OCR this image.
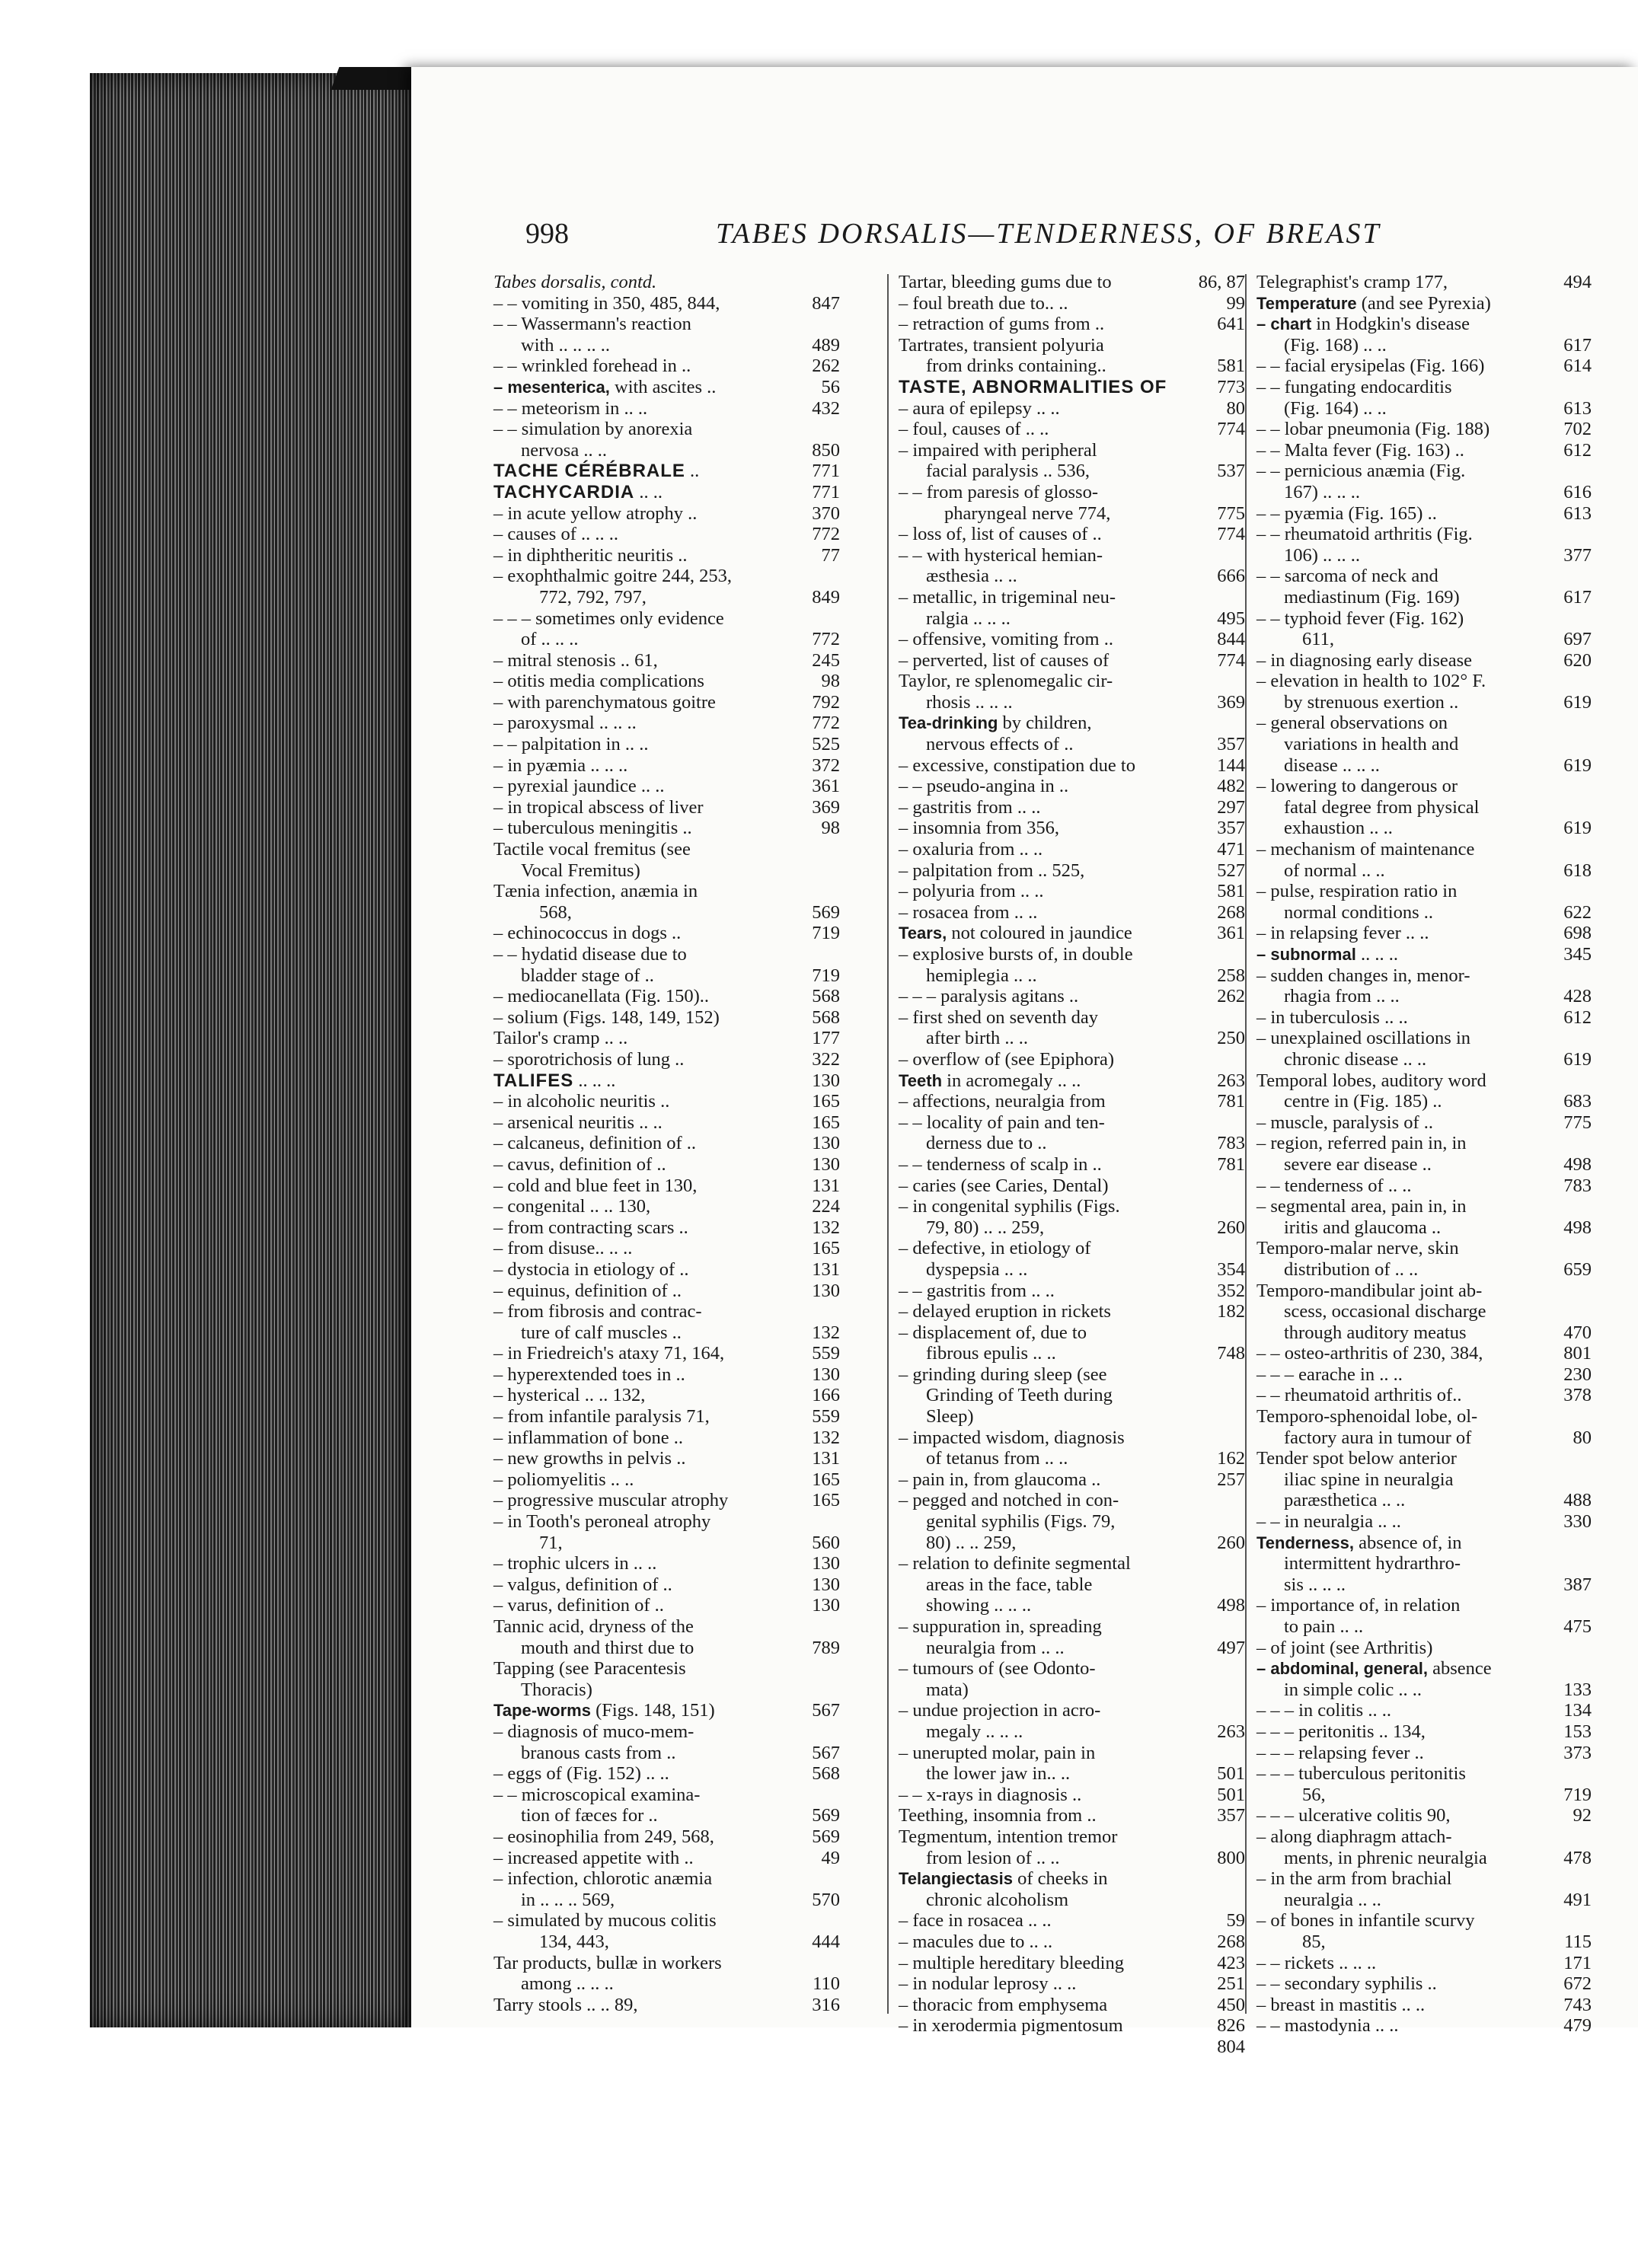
998	TABES DORSALIS—TENDERNESS, OF BREAST
Tabes dorsalis, contd.
– – vomiting in 350, 485, 844,	847
– – Wassermann's reaction
with .. .. .. ..	489
– – wrinkled forehead in ..	262
– mesenterica, with ascites ..	56
– – meteorism in .. ..	432
– – simulation by anorexia
nervosa .. ..	850
TACHE CÉRÉBRALE ..	771
TACHYCARDIA .. ..	771
– in acute yellow atrophy ..	370
– causes of .. .. ..	772
– in diphtheritic neuritis ..	77
– exophthalmic goitre 244, 253,
772, 792, 797,	849
– – – sometimes only evidence
of .. .. ..	772
– mitral stenosis .. 61,	245
– otitis media complications	98
– with parenchymatous goitre	792
– paroxysmal .. .. ..	772
– – palpitation in .. ..	525
– in pyæmia .. .. ..	372
– pyrexial jaundice .. ..	361
– in tropical abscess of liver	369
– tuberculous meningitis ..	98
Tactile vocal fremitus (see
Vocal Fremitus)
Tænia infection, anæmia in
568,	569
– echinococcus in dogs ..	719
– – hydatid disease due to
bladder stage of ..	719
– mediocanellata (Fig. 150)..	568
– solium (Figs. 148, 149, 152)	568
Tailor's cramp .. ..	177
– sporotrichosis of lung ..	322
TALIFES .. .. ..	130
– in alcoholic neuritis ..	165
– arsenical neuritis .. ..	165
– calcaneus, definition of ..	130
– cavus, definition of ..	130
– cold and blue feet in 130,	131
– congenital .. .. 130,	224
– from contracting scars ..	132
– from disuse.. .. ..	165
– dystocia in etiology of ..	131
– equinus, definition of ..	130
– from fibrosis and contrac-
ture of calf muscles ..	132
– in Friedreich's ataxy 71, 164,	559
– hyperextended toes in ..	130
– hysterical .. .. 132,	166
– from infantile paralysis 71,	559
– inflammation of bone ..	132
– new growths in pelvis ..	131
– poliomyelitis .. ..	165
– progressive muscular atrophy	165
– in Tooth's peroneal atrophy
71,	560
– trophic ulcers in .. ..	130
– valgus, definition of ..	130
– varus, definition of ..	130
Tannic acid, dryness of the
mouth and thirst due to	789
Tapping (see Paracentesis
Thoracis)
Tape-worms (Figs. 148, 151)	567
– diagnosis of muco-mem-
branous casts from ..	567
– eggs of (Fig. 152) .. ..	568
– – microscopical examina-
tion of fæces for ..	569
– eosinophilia from 249, 568,	569
– increased appetite with ..	49
– infection, chlorotic anæmia
in .. .. .. 569,	570
– simulated by mucous colitis
134, 443,	444
Tar products, bullæ in workers
among .. .. ..	110
Tarry stools .. .. 89,	316
Tartar, bleeding gums due to	86, 87
– foul breath due to.. ..	99
– retraction of gums from ..	641
Tartrates, transient polyuria
from drinks containing..	581
TASTE, ABNORMALITIES OF	773
– aura of epilepsy .. ..	80
– foul, causes of .. ..	774
– impaired with peripheral
facial paralysis .. 536,	537
– – from paresis of glosso-
pharyngeal nerve 774,	775
– loss of, list of causes of ..	774
– – with hysterical hemian-
æsthesia .. ..	666
– metallic, in trigeminal neu-
ralgia .. .. ..	495
– offensive, vomiting from ..	844
– perverted, list of causes of	774
Taylor, re splenomegalic cir-
rhosis .. .. ..	369
Tea-drinking by children,
nervous effects of ..	357
– excessive, constipation due to	144
– – pseudo-angina in ..	482
– gastritis from .. ..	297
– insomnia from 356,	357
– oxaluria from .. ..	471
– palpitation from .. 525,	527
– polyuria from .. ..	581
– rosacea from .. ..	268
Tears, not coloured in jaundice	361
– explosive bursts of, in double
hemiplegia .. ..	258
– – – paralysis agitans ..	262
– first shed on seventh day
after birth .. ..	250
– overflow of (see Epiphora)
Teeth in acromegaly .. ..	263
– affections, neuralgia from	781
– – locality of pain and ten-
derness due to ..	783
– – tenderness of scalp in ..	781
– caries (see Caries, Dental)
– in congenital syphilis (Figs.
79, 80) .. .. 259,	260
– defective, in etiology of
dyspepsia .. ..	354
– – gastritis from .. ..	352
– delayed eruption in rickets	182
– displacement of, due to
fibrous epulis .. ..	748
– grinding during sleep (see
Grinding of Teeth during
Sleep)
– impacted wisdom, diagnosis
of tetanus from .. ..	162
– pain in, from glaucoma ..	257
– pegged and notched in con-
genital syphilis (Figs. 79,
80) .. .. 259,	260
– relation to definite segmental
areas in the face, table
showing .. .. ..	498
– suppuration in, spreading
neuralgia from .. ..	497
– tumours of (see Odonto-
mata)
– undue projection in acro-
megaly .. .. ..	263
– unerupted molar, pain in
the lower jaw in.. ..	501
– – x-rays in diagnosis ..	501
Teething, insomnia from ..	357
Tegmentum, intention tremor
from lesion of .. ..	800
Telangiectasis of cheeks in
chronic alcoholism
– face in rosacea .. ..	59
– macules due to .. ..	268
– multiple hereditary bleeding	423
– in nodular leprosy .. ..	251
– thoracic from emphysema	450
– in xerodermia pigmentosum	826
804
Telegraphist's cramp 177,	494
Temperature (and see Pyrexia)
– chart in Hodgkin's disease
(Fig. 168) .. ..	617
– – facial erysipelas (Fig. 166)	614
– – fungating endocarditis
(Fig. 164) .. ..	613
– – lobar pneumonia (Fig. 188)	702
– – Malta fever (Fig. 163) ..	612
– – pernicious anæmia (Fig.
167) .. .. ..	616
– – pyæmia (Fig. 165) ..	613
– – rheumatoid arthritis (Fig.
106) .. .. ..	377
– – sarcoma of neck and
mediastinum (Fig. 169)	617
– – typhoid fever (Fig. 162)
611,	697
– in diagnosing early disease	620
– elevation in health to 102° F.
by strenuous exertion ..	619
– general observations on
variations in health and
disease .. .. ..	619
– lowering to dangerous or
fatal degree from physical
exhaustion .. ..	619
– mechanism of maintenance
of normal .. ..	618
– pulse, respiration ratio in
normal conditions ..	622
– in relapsing fever .. ..	698
– subnormal .. .. ..	345
– sudden changes in, menor-
rhagia from .. ..	428
– in tuberculosis .. ..	612
– unexplained oscillations in
chronic disease .. ..	619
Temporal lobes, auditory word
centre in (Fig. 185) ..	683
– muscle, paralysis of ..	775
– region, referred pain in, in
severe ear disease ..	498
– – tenderness of .. ..	783
– segmental area, pain in, in
iritis and glaucoma ..	498
Temporo-malar nerve, skin
distribution of .. ..	659
Temporo-mandibular joint ab-
scess, occasional discharge
through auditory meatus	470
– – osteo-arthritis of 230, 384,	801
– – – earache in .. ..	230
– – rheumatoid arthritis of..	378
Temporo-sphenoidal lobe, ol-
factory aura in tumour of	80
Tender spot below anterior
iliac spine in neuralgia
paræsthetica .. ..	488
– – in neuralgia .. ..	330
Tenderness, absence of, in
intermittent hydrarthro-
sis .. .. ..	387
– importance of, in relation
to pain .. ..	475
– of joint (see Arthritis)
– abdominal, general, absence
in simple colic .. ..	133
– – – in colitis .. ..	134
– – – peritonitis .. 134,	153
– – – relapsing fever ..	373
– – – tuberculous peritonitis
56,	719
– – – ulcerative colitis 90,	92
– along diaphragm attach-
ments, in phrenic neuralgia	478
– in the arm from brachial
neuralgia .. ..	491
– of bones in infantile scurvy
85,	115
– – rickets .. .. ..	171
– – secondary syphilis ..	672
– breast in mastitis .. ..	743
– – mastodynia .. ..	479
